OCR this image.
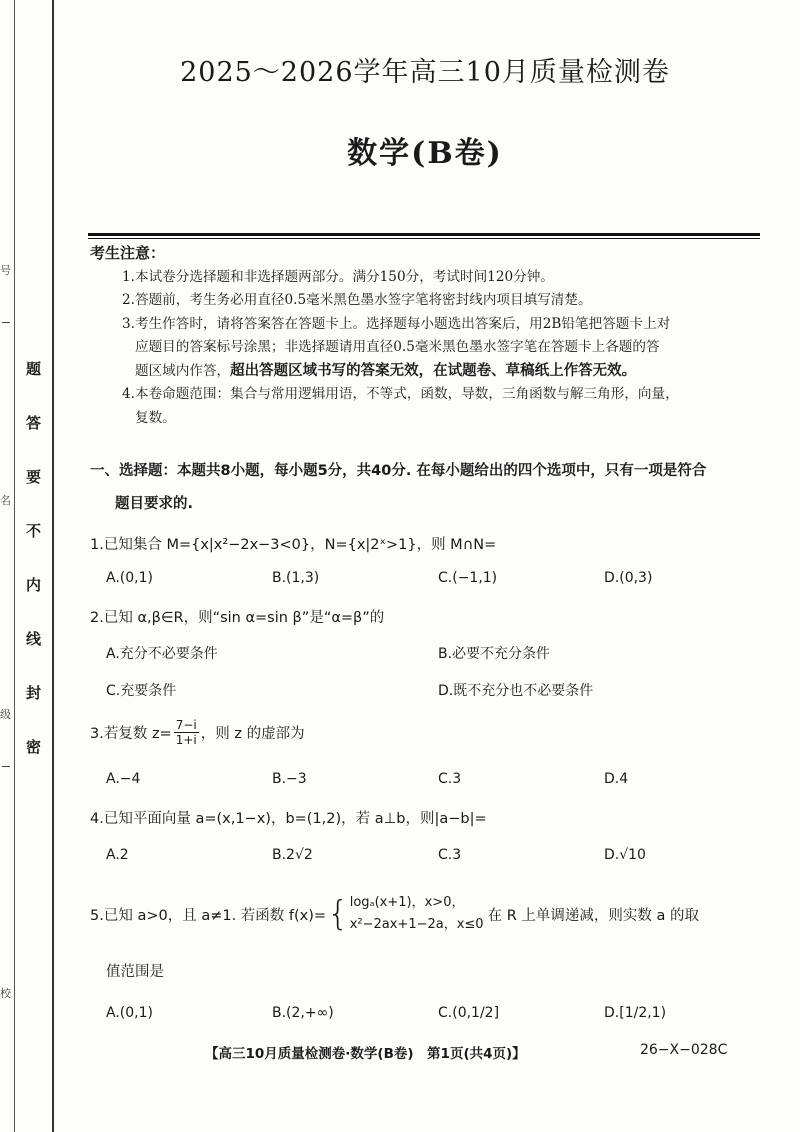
题
答
要
不
内
线
封
密
号
名
级
校
2025～2026学年高三10月质量检测卷
数学(B卷)
考生注意：

1.本试卷分选择题和非选择题两部分。满分150分，考试时间120分钟。

2.答题前，考生务必用直径0.5毫米黑色墨水签字笔将密封线内项目填写清楚。

3.考生作答时，请将答案答在答题卡上。选择题每小题选出答案后，用2B铅笔把答题卡上对

应题目的答案标号涂黑；非选择题请用直径0.5毫米黑色墨水签字笔在答题卡上各题的答

题区域内作答，超出答题区域书写的答案无效，在试题卷、草稿纸上作答无效。

4.本卷命题范围：集合与常用逻辑用语，不等式，函数，导数，三角函数与解三角形，向量，

复数。

一、选择题：本题共8小题，每小题5分，共40分. 在每小题给出的四个选项中，只有一项是符合
题目要求的.
1.已知集合 M={x|x²−2x−3<0}，N={x|2ˣ>1}，则 M∩N=
A.(0,1)	B.(1,3)	C.(−1,1)	D.(0,3)
2.已知 α,β∈R，则“sin α=sin β”是“α=β”的
A.充分不必要条件	B.必要不充分条件
C.充要条件	D.既不充分也不必要条件
3.若复数 $z= \frac{7-i}{1+i}$ ，则 z 的虚部为
A.−4	B.−3	C.3	D.4
4.已知平面向量 a=(x,1−x)，b=(1,2)，若 a⊥b，则|a−b|=
A.2	B.2√2	C.3	D.√10
5.已知 a>0，且 a≠1. 若函数 f(x)= { logₐ(x+1)，x>0，
x²−2ax+1−2a，x≤0
在 R 上单调递减，则实数 a 的取
值范围是
A.(0,1)	B.(2,+∞)	C.(0,1/2]	D.[1/2,1)
【高三10月质量检测卷·数学(B卷)　第1页(共4页)】	26−X−028C
